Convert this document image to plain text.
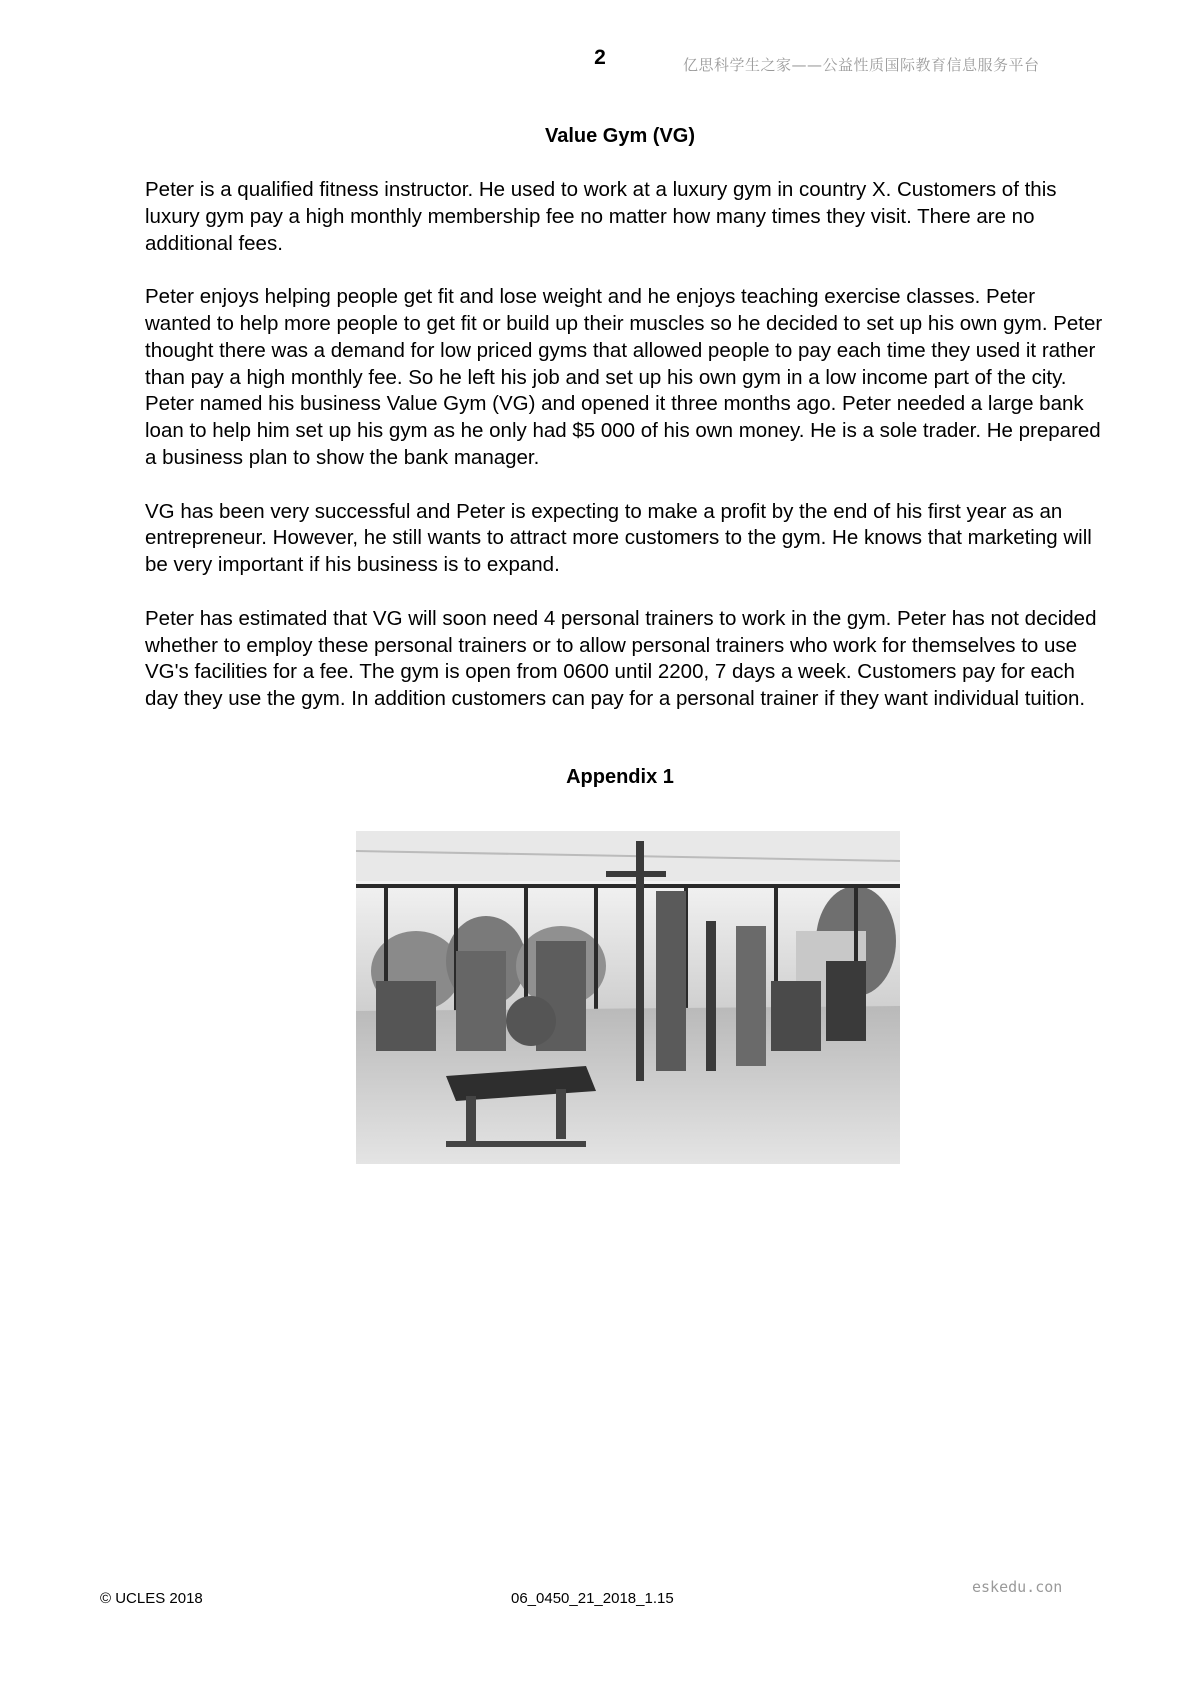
2	亿思科学生之家——公益性质国际教育信息服务平台
Value Gym (VG)

Peter is a qualified fitness instructor. He used to work at a luxury gym in country X. Customers of this luxury gym pay a high monthly membership fee no matter how many times they visit. There are no additional fees.

Peter enjoys helping people get fit and lose weight and he enjoys teaching exercise classes. Peter wanted to help more people to get fit or build up their muscles so he decided to set up his own gym. Peter thought there was a demand for low priced gyms that allowed people to pay each time they used it rather than pay a high monthly fee. So he left his job and set up his own gym in a low income part of the city. Peter named his business Value Gym (VG) and opened it three months ago. Peter needed a large bank loan to help him set up his gym as he only had $5 000 of his own money. He is a sole trader. He prepared a business plan to show the bank manager.

VG has been very successful and Peter is expecting to make a profit by the end of his first year as an entrepreneur. However, he still wants to attract more customers to the gym. He knows that marketing will be very important if his business is to expand.

Peter has estimated that VG will soon need 4 personal trainers to work in the gym. Peter has not decided whether to employ these personal trainers or to allow personal trainers who work for themselves to use VG's facilities for a fee. The gym is open from 0600 until 2200, 7 days a week. Customers pay for each day they use the gym. In addition customers can pay for a personal trainer if they want individual tuition.

Appendix 1
© UCLES 2018	06_0450_21_2018_1.15
eskedu.con
